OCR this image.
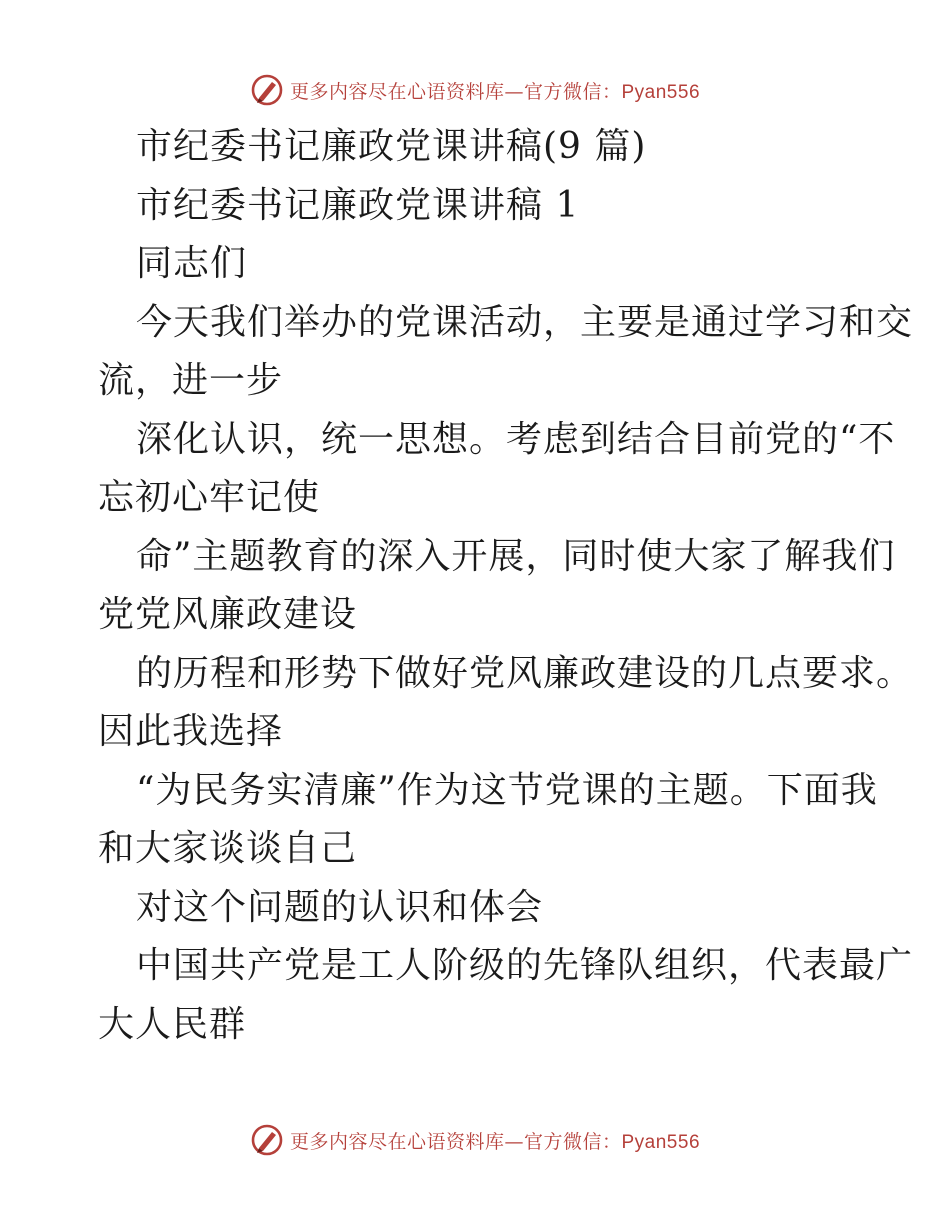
更多内容尽在心语资料库—官方微信：Pyan556
市纪委书记廉政党课讲稿(9 篇)
市纪委书记廉政党课讲稿 1
同志们
今天我们举办的党课活动，主要是通过学习和交
流，进一步
深化认识，统一思想。考虑到结合目前党的“不
忘初心牢记使
命”主题教育的深入开展，同时使大家了解我们
党党风廉政建设
的历程和形势下做好党风廉政建设的几点要求。
因此我选择
“为民务实清廉”作为这节党课的主题。下面我
和大家谈谈自己
对这个问题的认识和体会
中国共产党是工人阶级的先锋队组织，代表最广
大人民群
更多内容尽在心语资料库—官方微信：Pyan556
